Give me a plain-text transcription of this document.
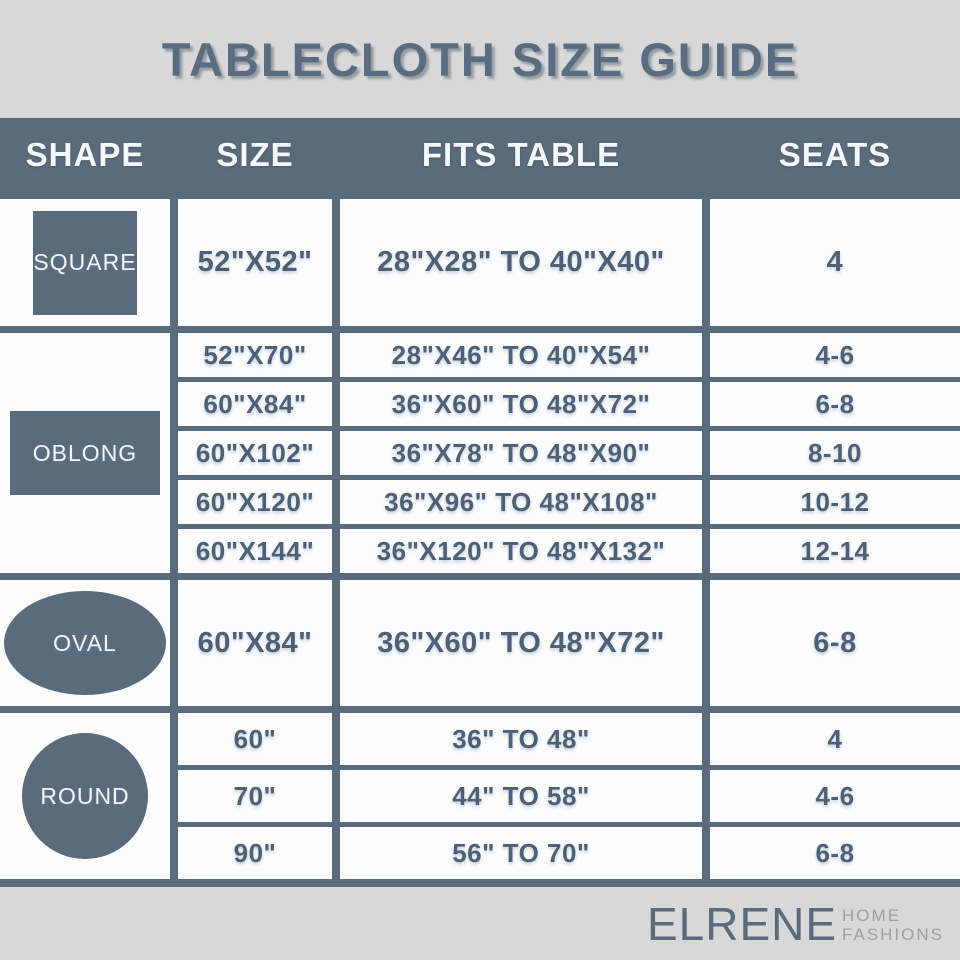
TABLECLOTH SIZE GUIDE
SHAPE	SIZE	FITS TABLE	SEATS
SQUARE	52"X52"	28"X28" TO 40"X40"	4
OBLONG
52"X70"	28"X46" TO 40"X54"	4-6
60"X84"	36"X60" TO 48"X72"	6-8
60"X102"	36"X78" TO 48"X90"	8-10
60"X120"	36"X96" TO 48"X108"	10-12
60"X144"	36"X120" TO 48"X132"	12-14
OVAL	60"X84"	36"X60" TO 48"X72"	6-8
ROUND
60"	36" TO 48"	4
70"	44" TO 58"	4-6
90"	56" TO 70"	6-8
ELRENE HOME
FASHIONS
